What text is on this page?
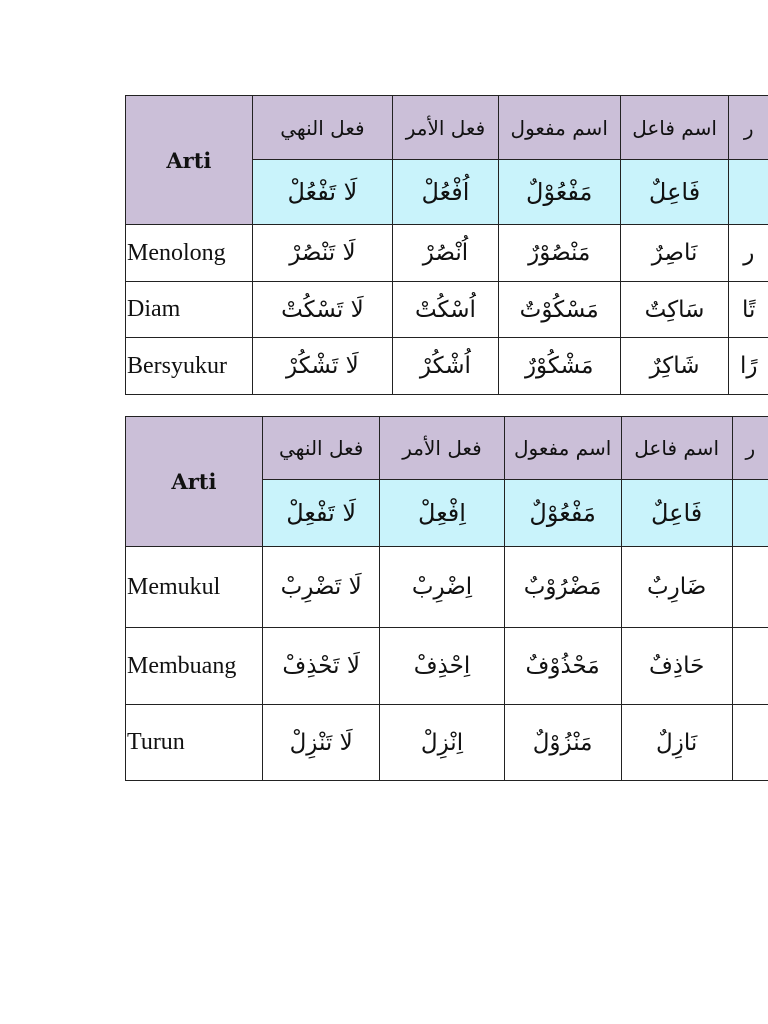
Arti	فعل النهي	فعل الأمر	اسم مفعول	اسم فاعل	ر
	لَا تَفْعُلْ	اُفْعُلْ	مَفْعُوْلٌ	فَاعِلٌ	
Menolong	لَا تَنْصُرْ	اُنْصُرْ	مَنْصُوْرٌ	نَاصِرٌ	ر
Diam	لَا تَسْكُتْ	اُسْكُتْ	مَسْكُوْتٌ	سَاكِتٌ	تًا
Bersyukur	لَا تَشْكُرْ	اُشْكُرْ	مَشْكُوْرٌ	شَاكِرٌ	رًا
Arti	فعل النهي	فعل الأمر	اسم مفعول	اسم فاعل	ر
	لَا تَفْعِلْ	اِفْعِلْ	مَفْعُوْلٌ	فَاعِلٌ	
Memukul	لَا تَضْرِبْ	اِضْرِبْ	مَضْرُوْبٌ	ضَارِبٌ	
Membuang	لَا تَحْذِفْ	اِحْذِفْ	مَحْذُوْفٌ	حَاذِفٌ	
Turun	لَا تَنْزِلْ	اِنْزِلْ	مَنْزُوْلٌ	نَازِلٌ	
